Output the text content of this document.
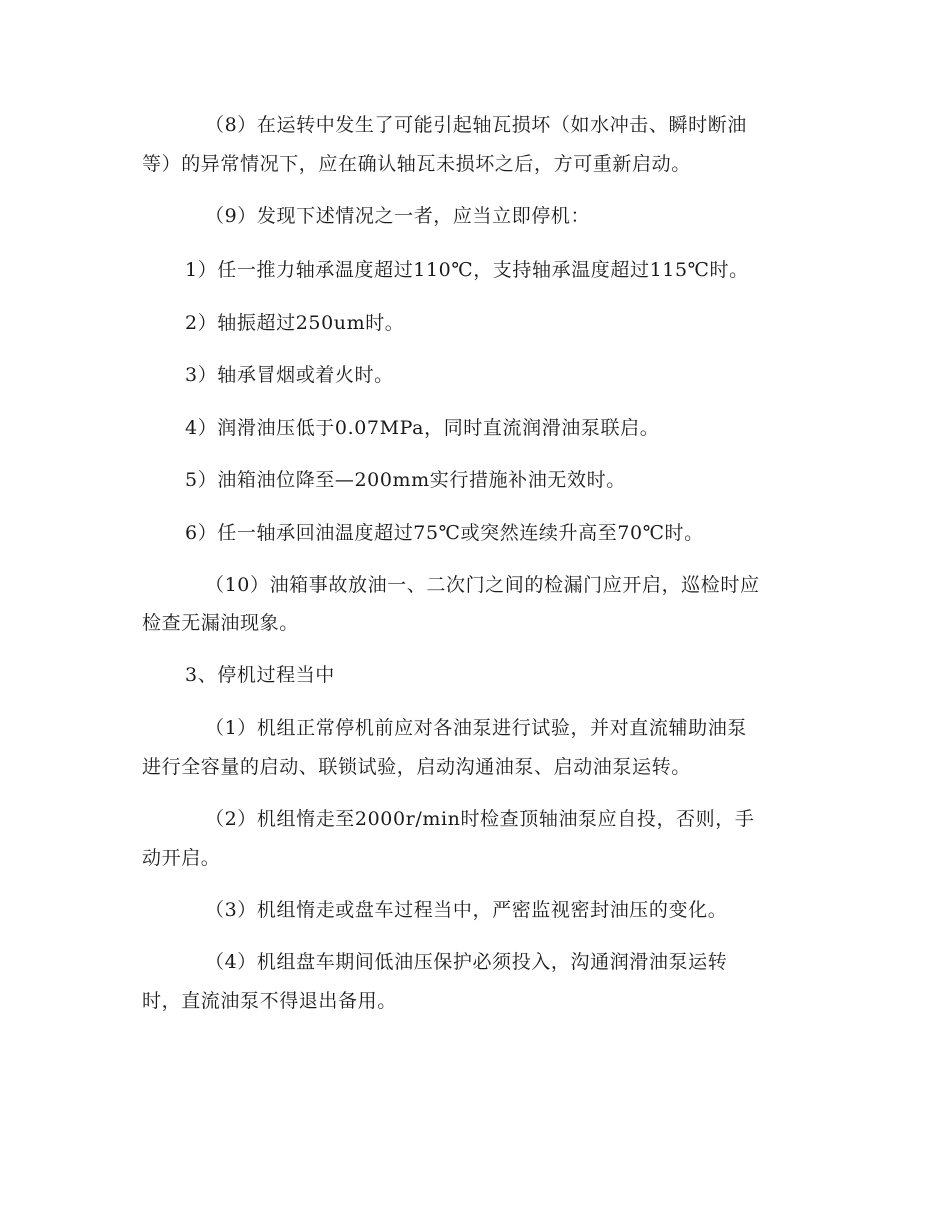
（8）在运转中发生了可能引起轴瓦损坏（如水冲击、瞬时断油
等）的异常情况下，应在确认轴瓦未损坏之后，方可重新启动。
（9）发现下述情况之一者，应当立即停机：
1）任一推力轴承温度超过110℃，支持轴承温度超过115℃时。
2）轴振超过250um时。
3）轴承冒烟或着火时。
4）润滑油压低于0.07MPa，同时直流润滑油泵联启。
5）油箱油位降至—200mm实行措施补油无效时。
6）任一轴承回油温度超过75℃或突然连续升高至70℃时。
（10）油箱事故放油一、二次门之间的检漏门应开启，巡检时应
检查无漏油现象。
3、停机过程当中
（1）机组正常停机前应对各油泵进行试验，并对直流辅助油泵
进行全容量的启动、联锁试验，启动沟通油泵、启动油泵运转。
（2）机组惰走至2000r/min时检查顶轴油泵应自投，否则，手
动开启。
（3）机组惰走或盘车过程当中，严密监视密封油压的变化。
（4）机组盘车期间低油压保护必须投入，沟通润滑油泵运转
时，直流油泵不得退出备用。
